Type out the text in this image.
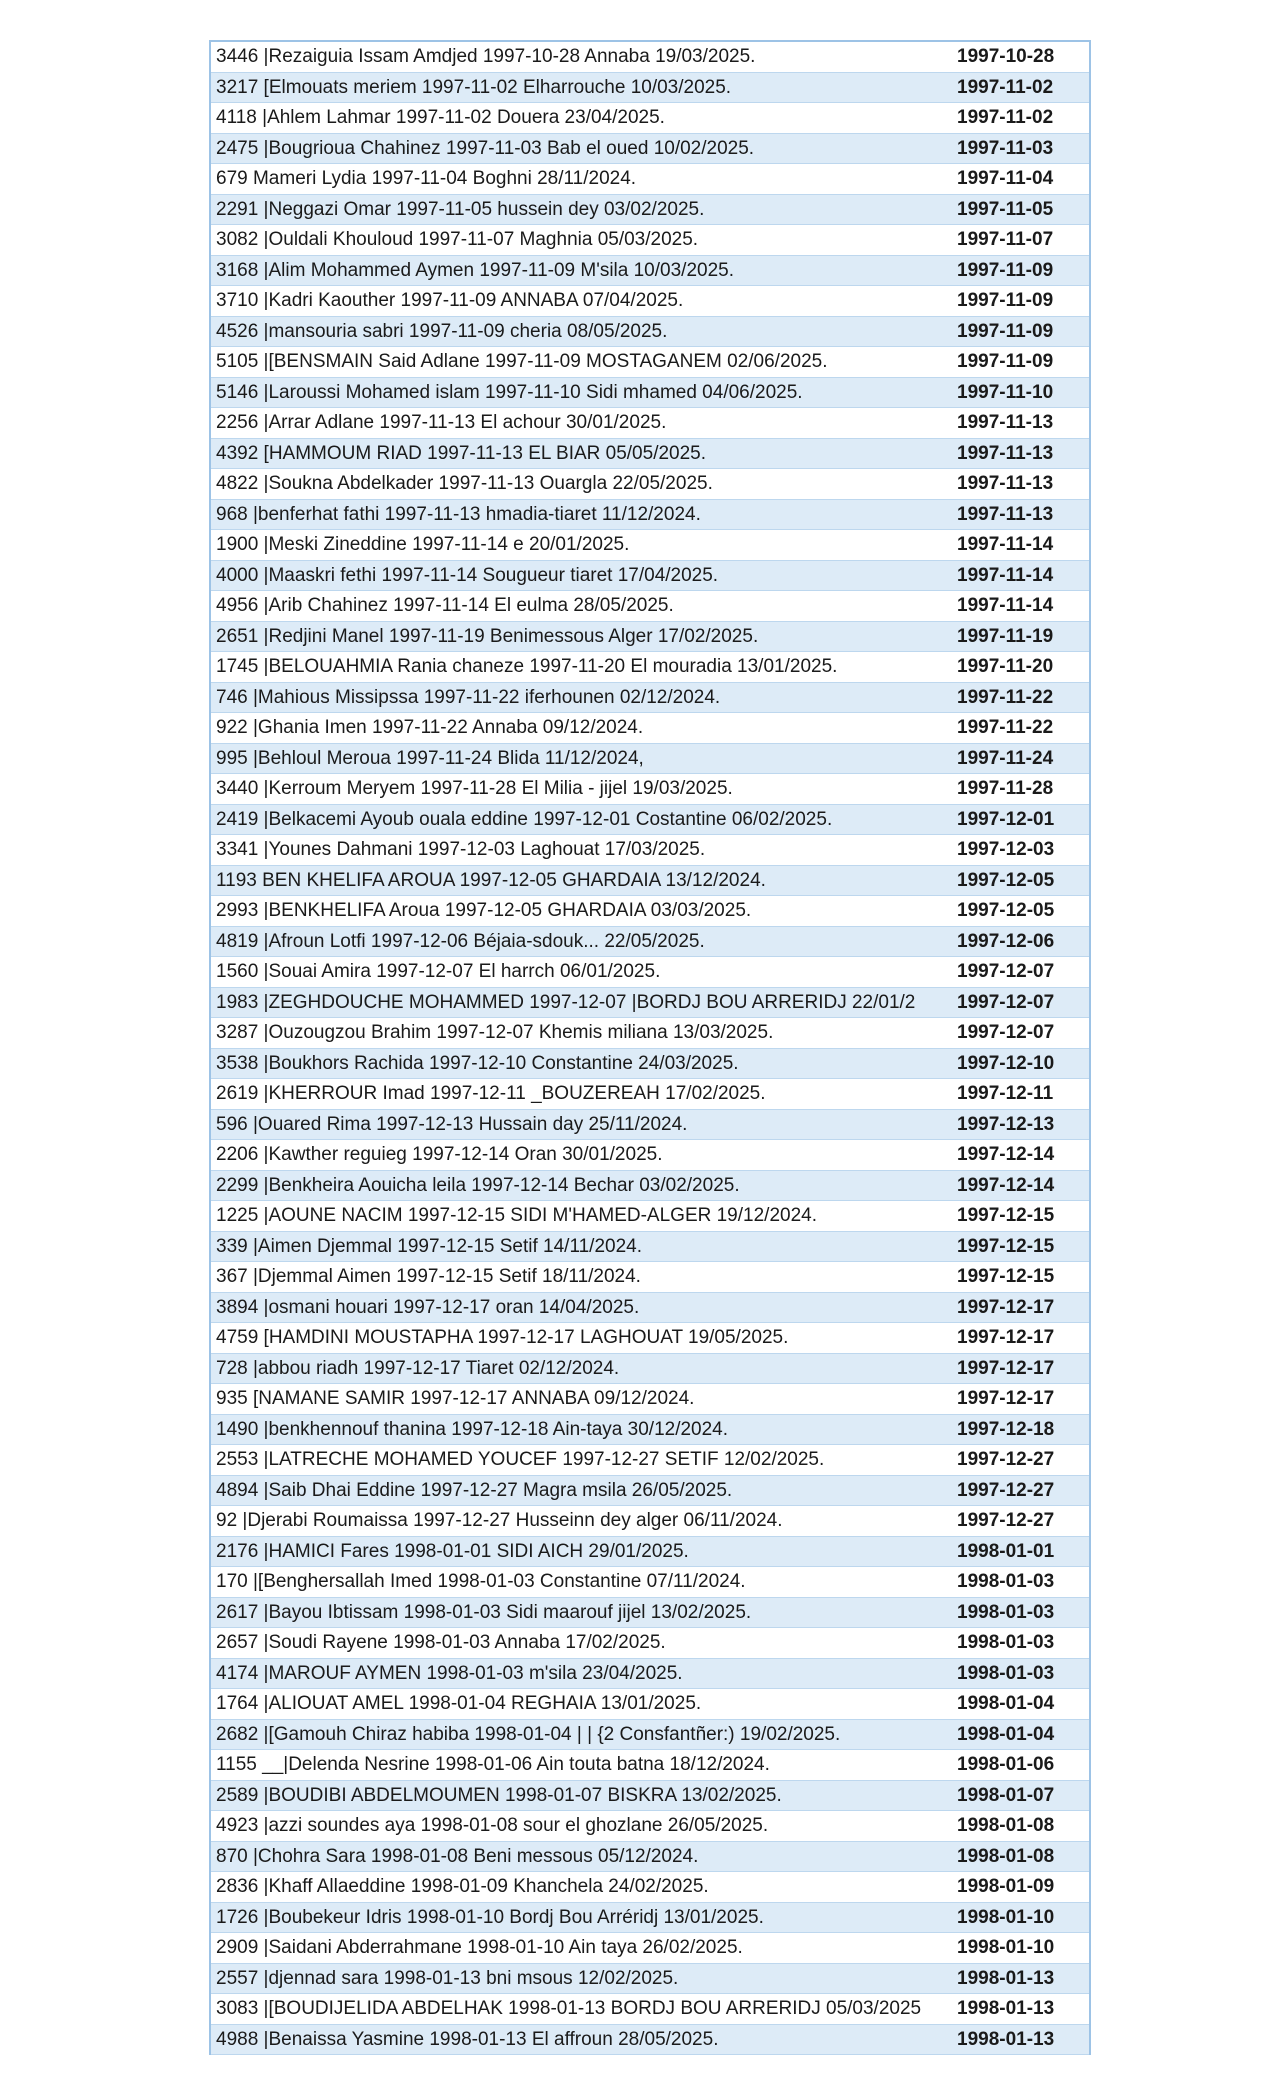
3446 |Rezaiguia Issam Amdjed 1997-10-28 Annaba 19/03/2025.	1997-10-28
3217 [Elmouats meriem 1997-11-02 Elharrouche 10/03/2025.	1997-11-02
4118 |Ahlem Lahmar 1997-11-02 Douera 23/04/2025.	1997-11-02
2475 |Bougrioua Chahinez 1997-11-03 Bab el oued 10/02/2025.	1997-11-03
679 Mameri Lydia 1997-11-04 Boghni 28/11/2024.	1997-11-04
2291 |Neggazi Omar 1997-11-05 hussein dey 03/02/2025.	1997-11-05
3082 |Ouldali Khouloud 1997-11-07 Maghnia 05/03/2025.	1997-11-07
3168 |Alim Mohammed Aymen 1997-11-09 M'sila 10/03/2025.	1997-11-09
3710 |Kadri Kaouther 1997-11-09 ANNABA 07/04/2025.	1997-11-09
4526 |mansouria sabri 1997-11-09 cheria 08/05/2025.	1997-11-09
5105 |[BENSMAIN Said Adlane 1997-11-09 MOSTAGANEM 02/06/2025.	1997-11-09
5146 |Laroussi Mohamed islam 1997-11-10 Sidi mhamed 04/06/2025.	1997-11-10
2256 |Arrar Adlane 1997-11-13 El achour 30/01/2025.	1997-11-13
4392 [HAMMOUM RIAD 1997-11-13 EL BIAR 05/05/2025.	1997-11-13
4822 |Soukna Abdelkader 1997-11-13 Ouargla 22/05/2025.	1997-11-13
968 |benferhat fathi 1997-11-13 hmadia-tiaret 11/12/2024.	1997-11-13
1900 |Meski Zineddine 1997-11-14 e 20/01/2025.	1997-11-14
4000 |Maaskri fethi 1997-11-14 Sougueur tiaret 17/04/2025.	1997-11-14
4956 |Arib Chahinez 1997-11-14 El eulma 28/05/2025.	1997-11-14
2651 |Redjini Manel 1997-11-19 Benimessous Alger 17/02/2025.	1997-11-19
1745 |BELOUAHMIA Rania chaneze 1997-11-20 El mouradia 13/01/2025.	1997-11-20
746 |Mahious Missipssa 1997-11-22 iferhounen 02/12/2024.	1997-11-22
922 |Ghania Imen 1997-11-22 Annaba 09/12/2024.	1997-11-22
995 |Behloul Meroua 1997-11-24 Blida 11/12/2024,	1997-11-24
3440 |Kerroum Meryem 1997-11-28 El Milia - jijel 19/03/2025.	1997-11-28
2419 |Belkacemi Ayoub ouala eddine 1997-12-01 Costantine 06/02/2025.	1997-12-01
3341 |Younes Dahmani 1997-12-03 Laghouat 17/03/2025.	1997-12-03
1193 BEN KHELIFA AROUA 1997-12-05 GHARDAIA 13/12/2024.	1997-12-05
2993 |BENKHELIFA Aroua 1997-12-05 GHARDAIA 03/03/2025.	1997-12-05
4819 |Afroun Lotfi 1997-12-06 Béjaia-sdouk... 22/05/2025.	1997-12-06
1560 |Souai Amira 1997-12-07 El harrch 06/01/2025.	1997-12-07
1983 |ZEGHDOUCHE MOHAMMED 1997-12-07 |BORDJ BOU ARRERIDJ 22/01/2	1997-12-07
3287 |Ouzougzou Brahim 1997-12-07 Khemis miliana 13/03/2025.	1997-12-07
3538 |Boukhors Rachida 1997-12-10 Constantine 24/03/2025.	1997-12-10
2619 |KHERROUR Imad 1997-12-11 _BOUZEREAH 17/02/2025.	1997-12-11
596 |Ouared Rima 1997-12-13 Hussain day 25/11/2024.	1997-12-13
2206 |Kawther reguieg 1997-12-14 Oran 30/01/2025.	1997-12-14
2299 |Benkheira Aouicha leila 1997-12-14 Bechar 03/02/2025.	1997-12-14
1225 |AOUNE NACIM 1997-12-15 SIDI M'HAMED-ALGER 19/12/2024.	1997-12-15
339 |Aimen Djemmal 1997-12-15 Setif 14/11/2024.	1997-12-15
367 |Djemmal Aimen 1997-12-15 Setif 18/11/2024.	1997-12-15
3894 |osmani houari 1997-12-17 oran 14/04/2025.	1997-12-17
4759 [HAMDINI MOUSTAPHA 1997-12-17 LAGHOUAT 19/05/2025.	1997-12-17
728 |abbou riadh 1997-12-17 Tiaret 02/12/2024.	1997-12-17
935 [NAMANE SAMIR 1997-12-17 ANNABA 09/12/2024.	1997-12-17
1490 |benkhennouf thanina 1997-12-18 Ain-taya 30/12/2024.	1997-12-18
2553 |LATRECHE MOHAMED YOUCEF 1997-12-27 SETIF 12/02/2025.	1997-12-27
4894 |Saib Dhai Eddine 1997-12-27 Magra msila 26/05/2025.	1997-12-27
92 |Djerabi Roumaissa 1997-12-27 Husseinn dey alger 06/11/2024.	1997-12-27
2176 |HAMICI Fares 1998-01-01 SIDI AICH 29/01/2025.	1998-01-01
170 |[Benghersallah Imed 1998-01-03 Constantine 07/11/2024.	1998-01-03
2617 |Bayou Ibtissam 1998-01-03 Sidi maarouf jijel 13/02/2025.	1998-01-03
2657 |Soudi Rayene 1998-01-03 Annaba 17/02/2025.	1998-01-03
4174 |MAROUF AYMEN 1998-01-03 m'sila 23/04/2025.	1998-01-03
1764 |ALIOUAT AMEL 1998-01-04 REGHAIA 13/01/2025.	1998-01-04
2682 |[Gamouh Chiraz habiba 1998-01-04 | | {2 Consfantñer:) 19/02/2025.	1998-01-04
1155 __|Delenda Nesrine 1998-01-06 Ain touta batna 18/12/2024.	1998-01-06
2589 |BOUDIBI ABDELMOUMEN 1998-01-07 BISKRA 13/02/2025.	1998-01-07
4923 |azzi soundes aya 1998-01-08 sour el ghozlane 26/05/2025.	1998-01-08
870 |Chohra Sara 1998-01-08 Beni messous 05/12/2024.	1998-01-08
2836 |Khaff Allaeddine 1998-01-09 Khanchela 24/02/2025.	1998-01-09
1726 |Boubekeur Idris 1998-01-10 Bordj Bou Arréridj 13/01/2025.	1998-01-10
2909 |Saidani Abderrahmane 1998-01-10 Ain taya 26/02/2025.	1998-01-10
2557 |djennad sara 1998-01-13 bni msous 12/02/2025.	1998-01-13
3083 |[BOUDIJELIDA ABDELHAK 1998-01-13 BORDJ BOU ARRERIDJ 05/03/2025	1998-01-13
4988 |Benaissa Yasmine 1998-01-13 El affroun 28/05/2025.	1998-01-13
